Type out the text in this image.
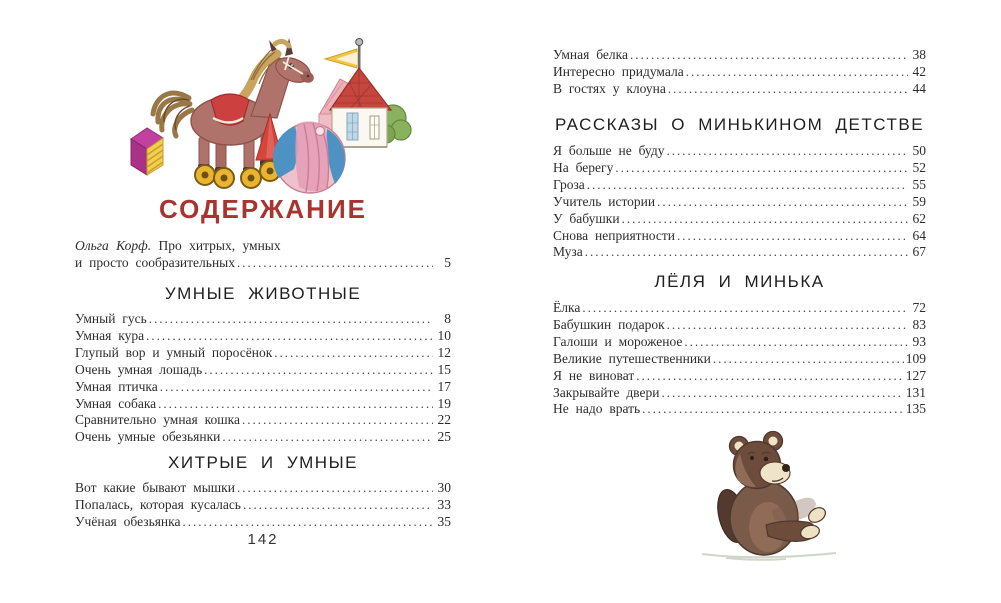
СОДЕРЖАНИЕ
Ольга Корф. Про хитрых, умных
и просто сообразительных .....	5
УМНЫЕ ЖИВОТНЫЕ
Умный гусь .....	8
Умная кура .....	10
Глупый вор и умный поросёнок .....	12
Очень умная лошадь .....	15
Умная птичка .....	17
Умная собака .....	19
Сравнительно умная кошка .....	22
Очень умные обезьянки .....	25
ХИТРЫЕ И УМНЫЕ
Вот какие бывают мышки .....	30
Попалась, которая кусалась .....	33
Учёная обезьянка .....	35
142
Умная белка .....	38
Интересно придумала .....	42
В гостях у клоуна .....	44
РАССКАЗЫ О МИНЬКИНОМ ДЕТСТВЕ
Я больше не буду .....	50
На берегу .....	52
Гроза .....	55
Учитель истории .....	59
У бабушки .....	62
Снова неприятности .....	64
Муза .....	67
ЛЁЛЯ И МИНЬКА
Ёлка .....	72
Бабушкин подарок .....	83
Галоши и мороженое .....	93
Великие путешественники .....	109
Я не виноват .....	127
Закрывайте двери .....	131
Не надо врать .....	135
